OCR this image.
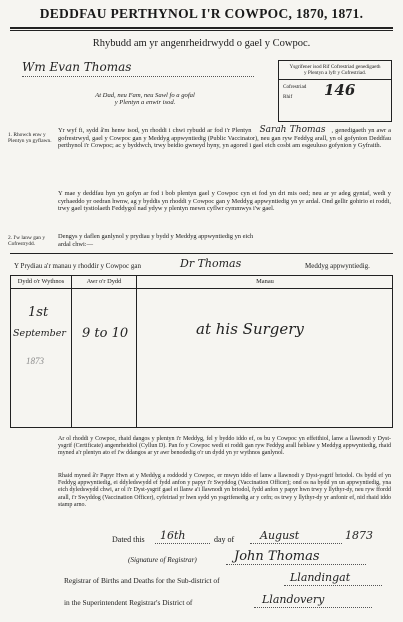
DEDDFAU PERTHYNOL I'R COWPOC, 1870, 1871.
Rhybudd am yr angenrheidrwydd o gael y Cowpoc.
Wm Evan Thomas
At Dad, neu Fam, neu Sawl fo a gofal
y Plentyn a enwir isod.
Ysgrifener isod Rif Cofrestriad genedigaeth
y Plentyn a lyfr y Cofrestriad.
Cofrestriad
Rhif 146
1. Rhowch enw y Plentyn yn gyflawn.
2. I'w lanw gan y Cofrestrydd.
Yr wyf fi, sydd â'm henw isod, yn rhoddi i chwi rybudd ar fod i'r Plentyn Sarah Thomas , genedigaeth yn awr a gofrestrwyd, gael y Cowpoc gan y Meddyg appwyntiedig (Public Vaccinator), neu gan ryw Feddyg arall, yn ol gofynion Deddfau perthynol i'r Cowpoc; ac y byddwch, trwy beidio gwneyd hyny, yn agored i gael eich cosbi am esgeuluso gofynion y Gyfraith.
Y mae y deddfau hyn yn gofyn ar fod i bob plentyn gael y Cowpoc cyn ei fod yn dri mis oed; neu ar yr adeg gyntaf, wedi y cyrhaeddo yr oedran hwnw, ag y byddis yn rhoddi y Cowpoc gan y Meddyg appwyntiedig yn yr ardal. Ond gellir gohirio ei roddi, trwy gael tystiolaeth Feddygol nad ydyw y plentyn mewn cyflwr cymmwys i'w gael.
Dengys y daflen ganlynol y prydiau y bydd y Meddyg appwyntiedig yn eich
ardal chwi:—
Y Prydiau a'r manau y rhoddir y Cowpoc gan	Dr Thomas	Meddyg appwyntiedig.
Dydd o'r Wythnos	Awr o'r Dydd	Manau
1st
September
1873
9 to 10	at his Surgery
Ar ol rhoddi y Cowpoc, rhaid dangos y plentyn i'r Meddyg, fel y byddo iddo ef, os bu y Cowpoc yn effeithiol, lanw a llawnodi y Dyst-ysgrif (Certificate) angenrheidiol (Cyllun D). Pan fo y Cowpoc wedi ei roddi gan ryw Feddyg arall heblaw y Meddyg appwyntiedig, rhaid myned a'r plentyn ato ef i'w ddangos ar yr awr benodedig o'r un dydd yn yr wythnos ganlynol.
Rhaid myned â'r Papyr Hwn at y Meddyg a roddodd y Cowpoc, er mwyn iddo ef lanw a llawnodi y Dyst-ysgrif briodol. Os bydd ef yn Feddyg appwyntiedig, ei ddyledswydd ef fydd anfon y papyr i'r Swyddog (Vaccination Officer); ond os na bydd yn un appwyntiedig, yna eich dyledswydd chwi, ar ol i'r Dyst-ysgrif gael ei llanw a'i llawnodi yn briodol, fydd anfon y papyr hwn trwy y llythyr-dy, neu ryw ffordd arall, i'r Swyddog (Vaccination Officer), cyfeiriad yr hwn sydd yn ysgrifenedig ar y cefn; os trwy y llythyr-dy yr anfonir ef, nid rhaid iddo stamp arno.
Dated this 16th	day of August	1873
(Signature of Registrar)	John Thomas
Registrar of Births and Deaths for the Sub-district of	Llandingat
in the Superintendent Registrar's District of	Llandovery
